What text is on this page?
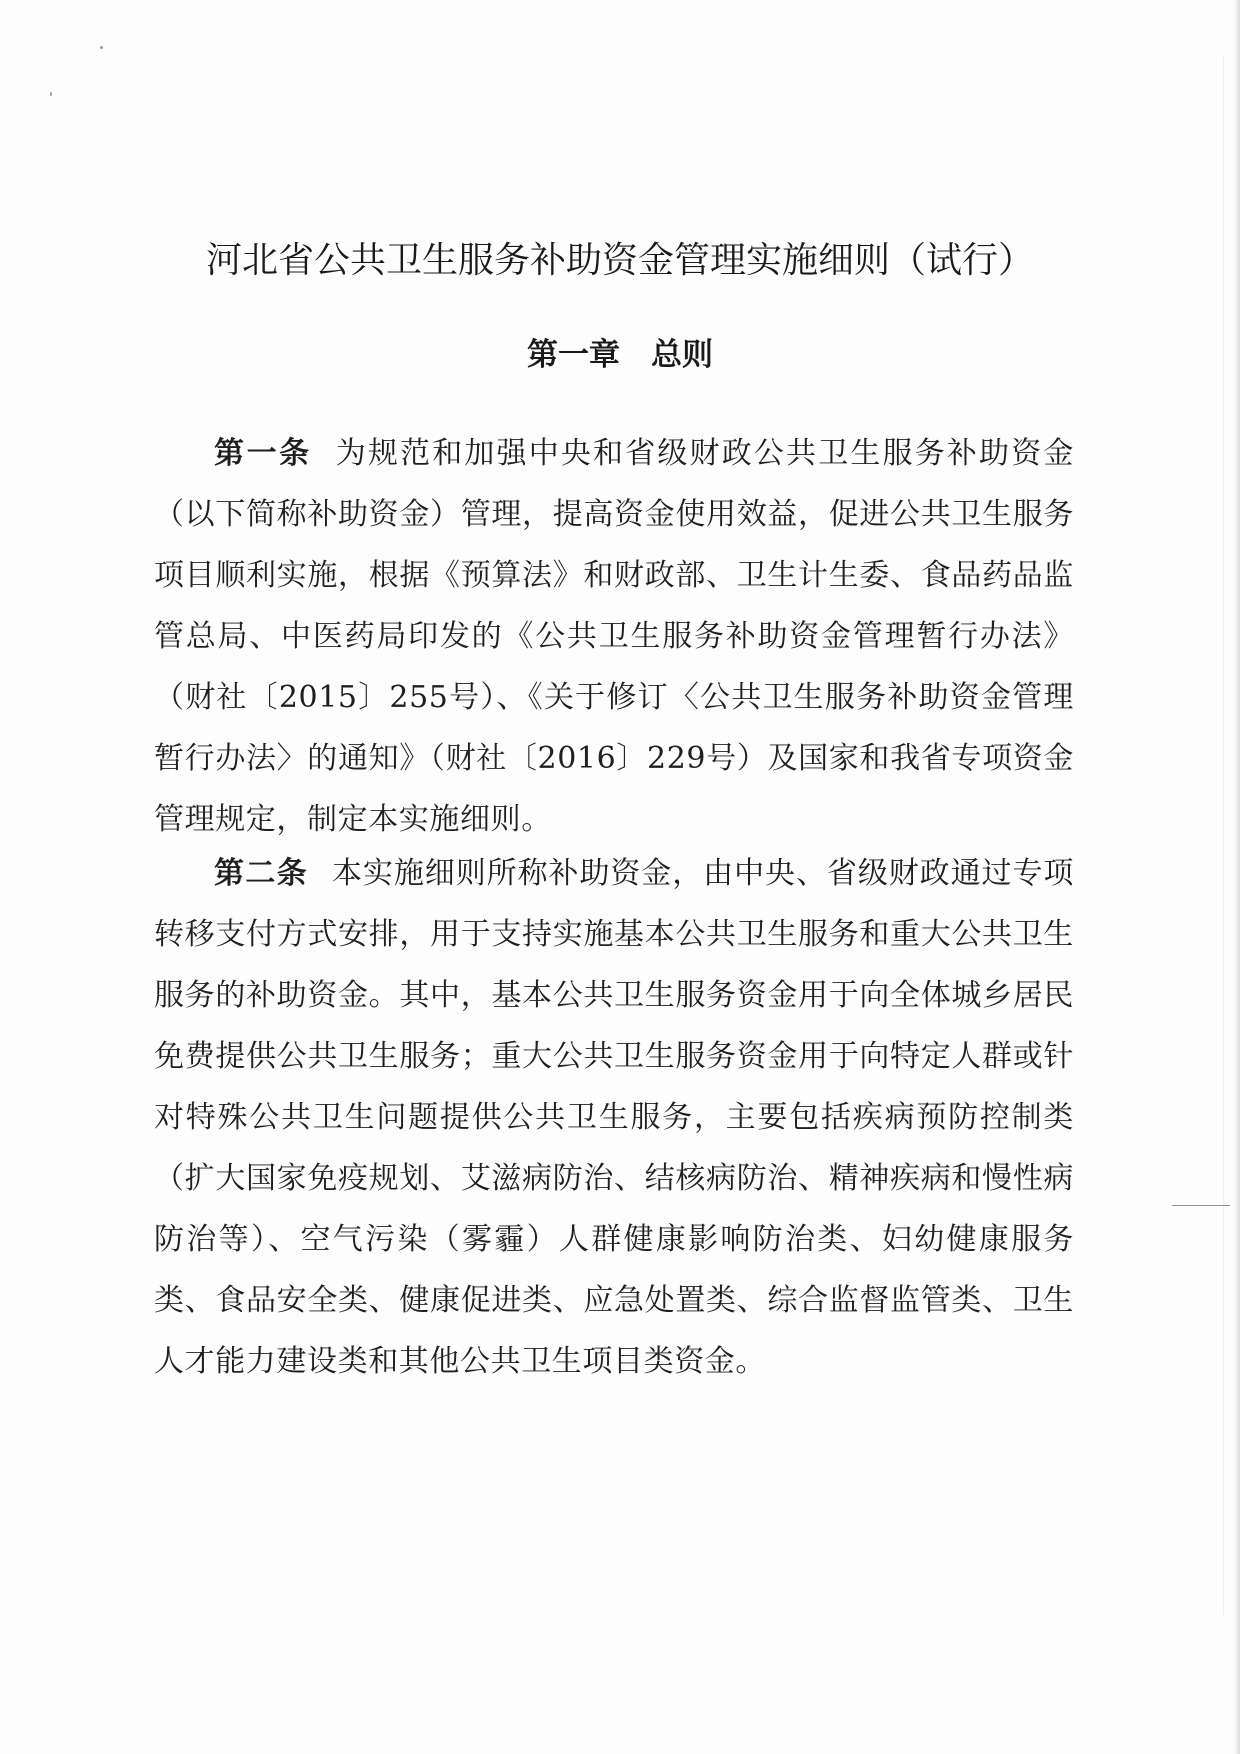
河北省公共卫生服务补助资金管理实施细则（试行）
第一章　总则

第一条 为规范和加强中央和省级财政公共卫生服务补助资金（以下简称补助资金）管理，提高资金使用效益，促进公共卫生服务项目顺利实施，根据《预算法》和财政部、卫生计生委、食品药品监管总局、中医药局印发的《公共卫生服务补助资金管理暂行办法》（财社〔2015〕255号）、《关于修订〈公共卫生服务补助资金管理暂行办法〉的通知》（财社〔2016〕229号）及国家和我省专项资金管理规定，制定本实施细则。

第二条 本实施细则所称补助资金，由中央、省级财政通过专项转移支付方式安排，用于支持实施基本公共卫生服务和重大公共卫生服务的补助资金。其中，基本公共卫生服务资金用于向全体城乡居民免费提供公共卫生服务；重大公共卫生服务资金用于向特定人群或针对特殊公共卫生问题提供公共卫生服务，主要包括疾病预防控制类（扩大国家免疫规划、艾滋病防治、结核病防治、精神疾病和慢性病防治等）、空气污染（雾霾）人群健康影响防治类、妇幼健康服务类、食品安全类、健康促进类、应急处置类、综合监督监管类、卫生人才能力建设类和其他公共卫生项目类资金。
